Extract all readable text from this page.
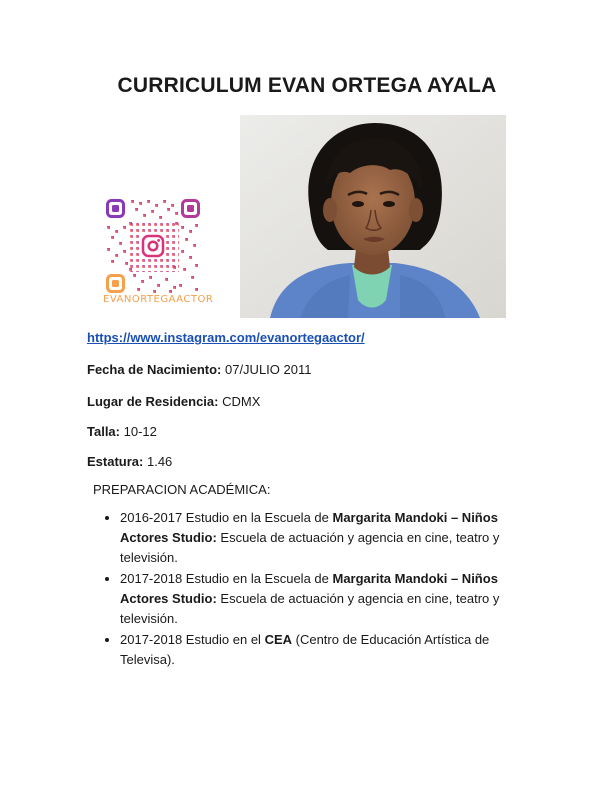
CURRICULUM EVAN ORTEGA AYALA
EVANORTEGAACTOR
https://www.instagram.com/evanortegaactor/
Fecha de Nacimiento: 07/JULIO 2011
Lugar de Residencia: CDMX
Talla: 10-12
Estatura: 1.46
PREPARACION ACADÉMICA:
• 2016-2017 Estudio en la Escuela de Margarita Mandoki – Niños Actores Studio: Escuela de actuación y agencia en cine, teatro y televisión.
• 2017-2018 Estudio en la Escuela de Margarita Mandoki – Niños Actores Studio: Escuela de actuación y agencia en cine, teatro y televisión.
• 2017-2018 Estudio en el CEA (Centro de Educación Artística de Televisa).
